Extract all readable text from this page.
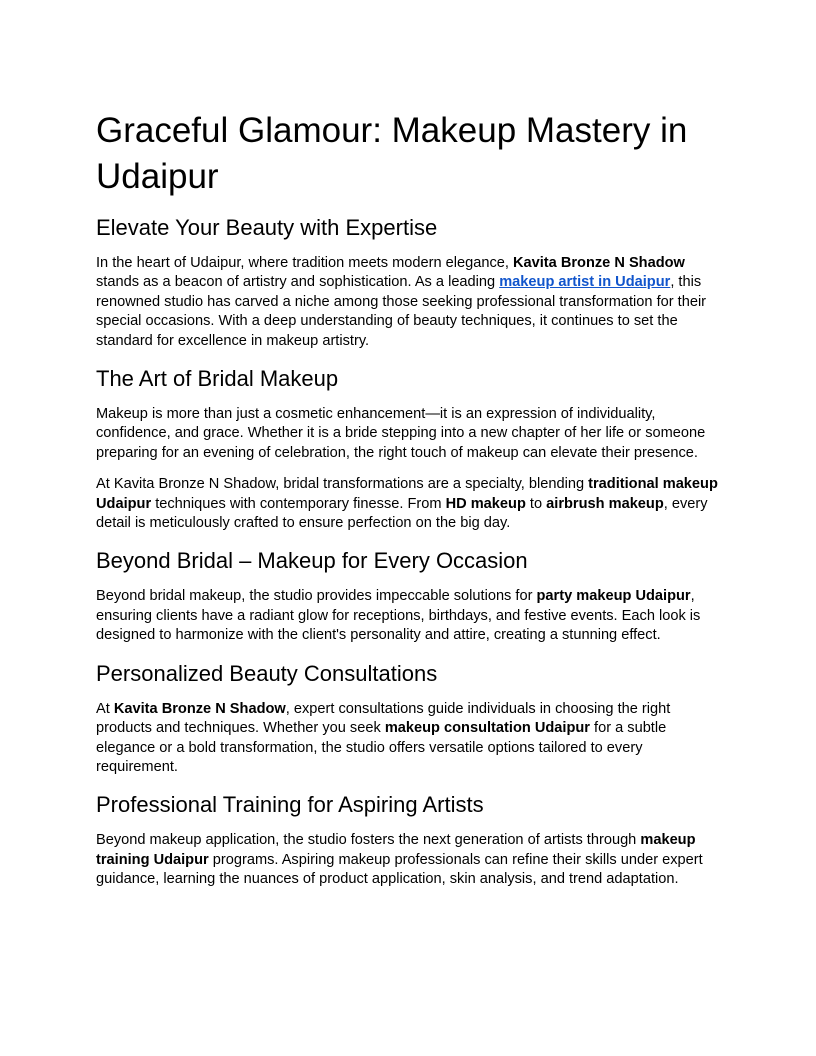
Graceful Glamour: Makeup Mastery in Udaipur
Elevate Your Beauty with Expertise

In the heart of Udaipur, where tradition meets modern elegance, Kavita Bronze N Shadow stands as a beacon of artistry and sophistication. As a leading makeup artist in Udaipur, this renowned studio has carved a niche among those seeking professional transformation for their special occasions. With a deep understanding of beauty techniques, it continues to set the standard for excellence in makeup artistry.

The Art of Bridal Makeup

Makeup is more than just a cosmetic enhancement—it is an expression of individuality, confidence, and grace. Whether it is a bride stepping into a new chapter of her life or someone preparing for an evening of celebration, the right touch of makeup can elevate their presence.

At Kavita Bronze N Shadow, bridal transformations are a specialty, blending traditional makeup Udaipur techniques with contemporary finesse. From HD makeup to airbrush makeup, every detail is meticulously crafted to ensure perfection on the big day.

Beyond Bridal – Makeup for Every Occasion

Beyond bridal makeup, the studio provides impeccable solutions for party makeup Udaipur, ensuring clients have a radiant glow for receptions, birthdays, and festive events. Each look is designed to harmonize with the client's personality and attire, creating a stunning effect.

Personalized Beauty Consultations

At Kavita Bronze N Shadow, expert consultations guide individuals in choosing the right products and techniques. Whether you seek makeup consultation Udaipur for a subtle elegance or a bold transformation, the studio offers versatile options tailored to every requirement.

Professional Training for Aspiring Artists

Beyond makeup application, the studio fosters the next generation of artists through makeup training Udaipur programs. Aspiring makeup professionals can refine their skills under expert guidance, learning the nuances of product application, skin analysis, and trend adaptation.
